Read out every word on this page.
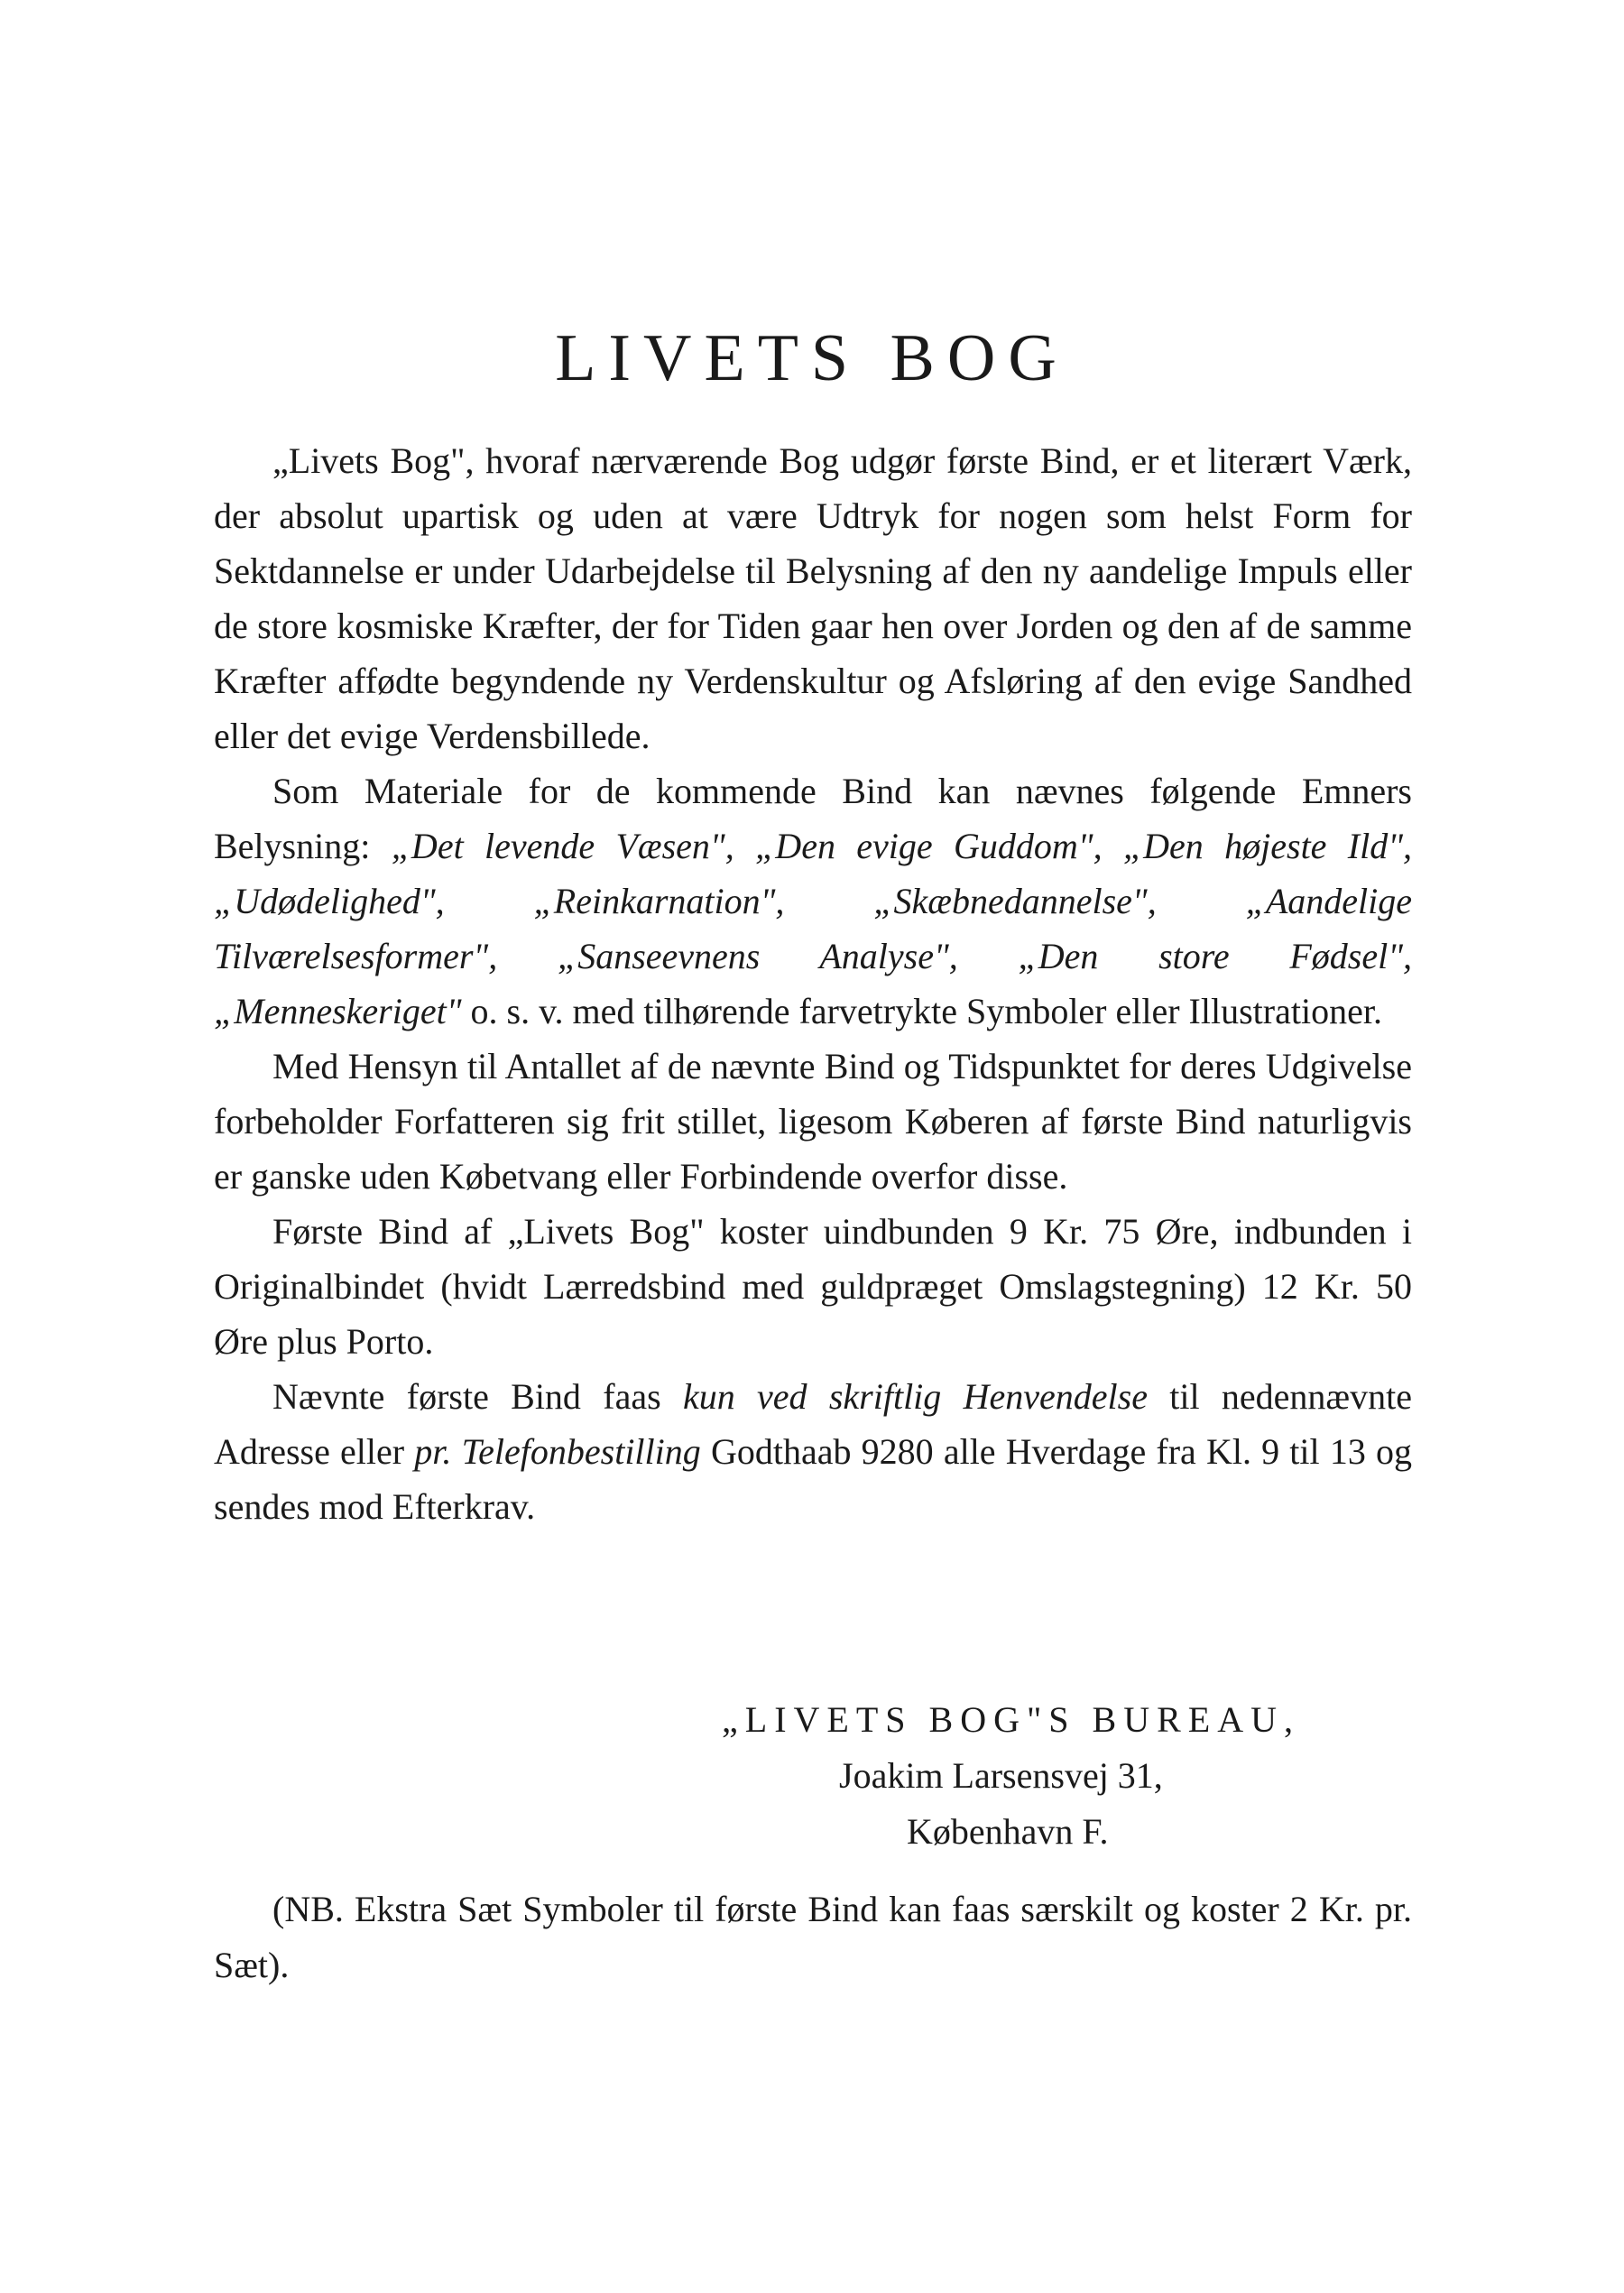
LIVETS BOG

„Livets Bog", hvoraf nærværende Bog udgør første Bind, er et literært Værk, der absolut upartisk og uden at være Udtryk for nogen som helst Form for Sektdannelse er under Udarbejdelse til Belysning af den ny aandelige Impuls eller de store kosmiske Kræfter, der for Tiden gaar hen over Jorden og den af de samme Kræfter affødte begyndende ny Verdenskultur og Afsløring af den evige Sandhed eller det evige Verdensbillede.

Som Materiale for de kommende Bind kan nævnes følgende Emners Belysning: „Det levende Væsen", „Den evige Guddom", „Den højeste Ild", „Udødelighed", „Reinkarnation", „Skæbnedannelse", „Aandelige Tilværelsesformer", „Sanseevnens Analyse", „Den store Fødsel", „Menneskeriget" o. s. v. med tilhørende farvetrykte Symboler eller Illustrationer.

Med Hensyn til Antallet af de nævnte Bind og Tidspunktet for deres Udgivelse forbeholder Forfatteren sig frit stillet, ligesom Køberen af første Bind naturligvis er ganske uden Købetvang eller Forbindende overfor disse.

Første Bind af „Livets Bog" koster uindbunden 9 Kr. 75 Øre, indbunden i Originalbindet (hvidt Lærredsbind med guldpræget Omslagstegning) 12 Kr. 50 Øre plus Porto.

Nævnte første Bind faas kun ved skriftlig Henvendelse til nedennævnte Adresse eller pr. Telefonbestilling Godthaab 9280 alle Hverdage fra Kl. 9 til 13 og sendes mod Efterkrav.

„LIVETS BOG"S BUREAU,
Joakim Larsensvej 31,
København F.

(NB. Ekstra Sæt Symboler til første Bind kan faas særskilt og koster 2 Kr. pr. Sæt).
